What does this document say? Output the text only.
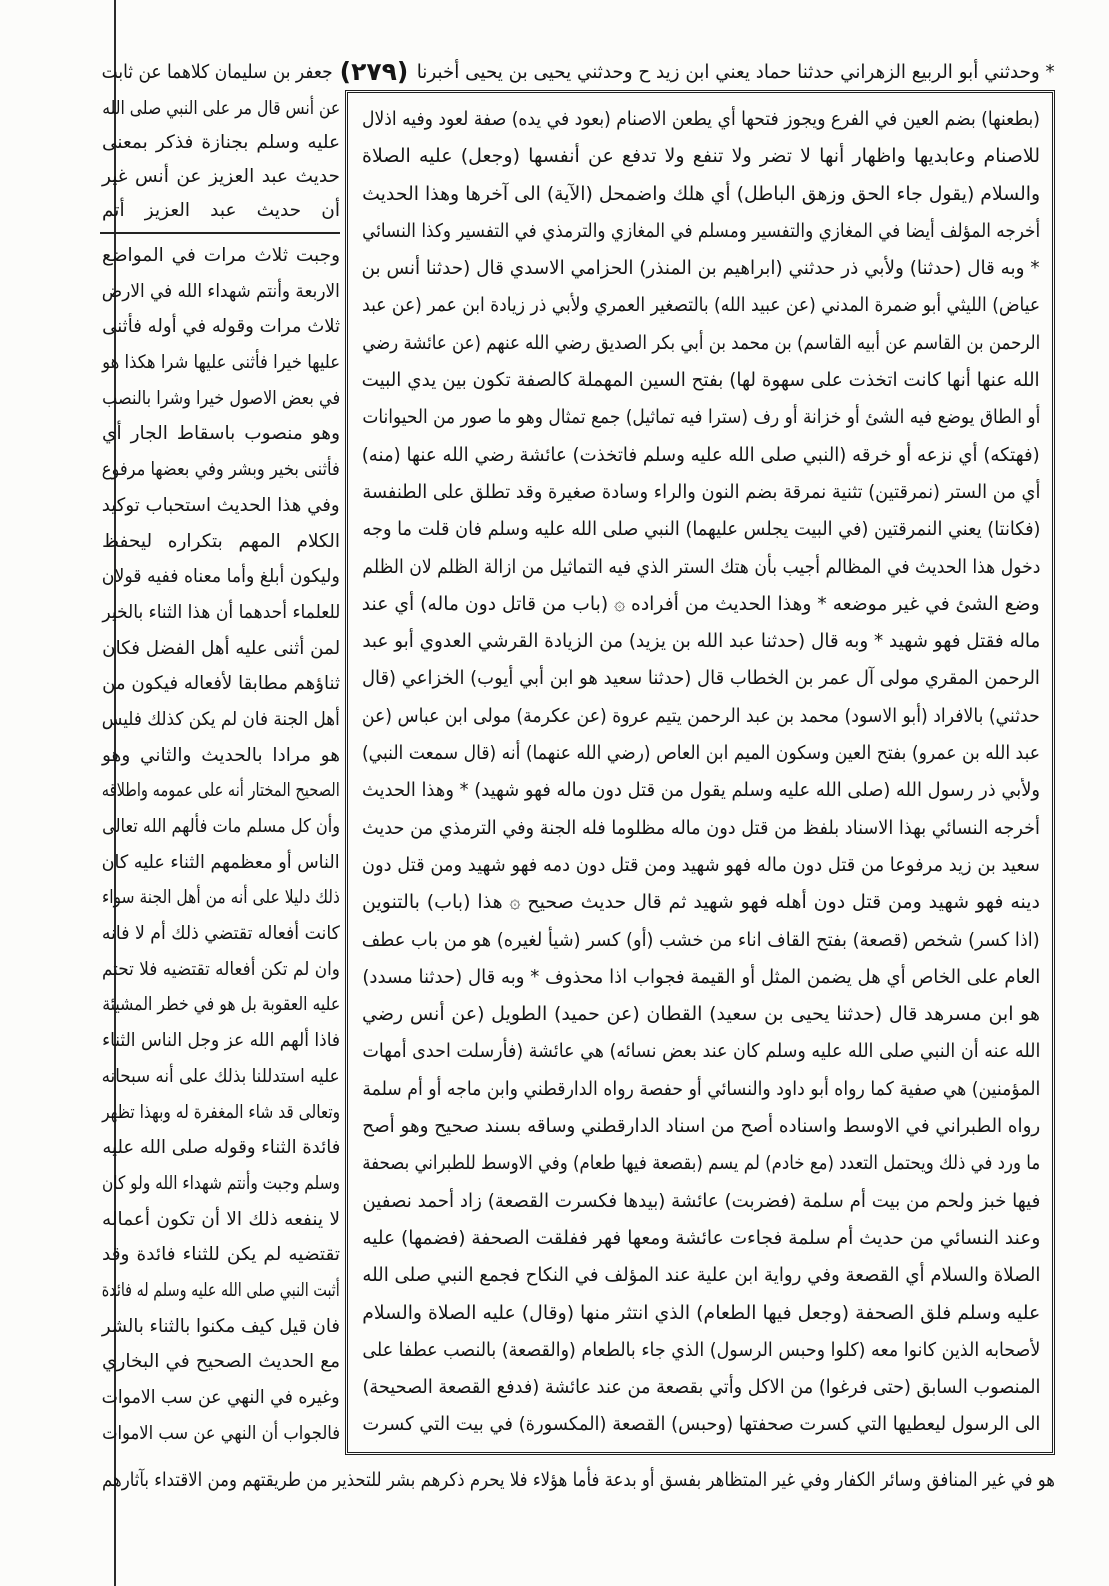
* وحدثني أبو الربيع الزهراني حدثنا حماد يعني ابن زيد ح وحدثني يحيى بن يحيى أخبرنا
(٢٧٩)
جعفر بن سليمان كلاهما عن ثابت
عن أنس قال مر على النبي صلى الله
عليه وسلم بجنازة فذكر بمعنى
حديث عبد العزيز عن أنس غير
أن حديث عبد العزيز أتم
وجبت ثلاث مرات في المواضع
الاربعة وأنتم شهداء الله في الارض
ثلاث مرات وقوله في أوله فأثنى
عليها خيرا فأثنى عليها شرا هكذا هو
في بعض الاصول خيرا وشرا بالنصب
وهو منصوب باسقاط الجار أي
فأثنى بخير وبشر وفي بعضها مرفوع
وفي هذا الحديث استحباب توكيد
الكلام المهم بتكراره ليحفظ
وليكون أبلغ وأما معناه ففيه قولان
للعلماء أحدهما أن هذا الثناء بالخير
لمن أثنى عليه أهل الفضل فكان
ثناؤهم مطابقا لأفعاله فيكون من
أهل الجنة فان لم يكن كذلك فليس
هو مرادا بالحديث والثاني وهو
الصحيح المختار أنه على عمومه واطلاقه
وأن كل مسلم مات فألهم الله تعالى
الناس أو معظمهم الثناء عليه كان
ذلك دليلا على أنه من أهل الجنة سواء
كانت أفعاله تقتضي ذلك أم لا فانه
وان لم تكن أفعاله تقتضيه فلا تحتم
عليه العقوبة بل هو في خطر المشيئة
فاذا ألهم الله عز وجل الناس الثناء
عليه استدللنا بذلك على أنه سبحانه
وتعالى قد شاء المغفرة له وبهذا تظهر
فائدة الثناء وقوله صلى الله عليه
وسلم وجبت وأنتم شهداء الله ولو كان
لا ينفعه ذلك الا أن تكون أعماله
تقتضيه لم يكن للثناء فائدة وقد
أثبت النبي صلى الله عليه وسلم له فائدة
فان قيل كيف مكنوا بالثناء بالشر
مع الحديث الصحيح في البخاري
وغيره في النهي عن سب الاموات
فالجواب أن النهي عن سب الاموات
(بطعنها) بضم العين في الفرع ويجوز فتحها أي يطعن الاصنام (بعود في يده) صفة لعود وفيه اذلال
للاصنام وعابديها واظهار أنها لا تضر ولا تنفع ولا تدفع عن أنفسها (وجعل) عليه الصلاة
والسلام (يقول جاء الحق وزهق الباطل) أي هلك واضمحل (الآية) الى آخرها وهذا الحديث
أخرجه المؤلف أيضا في المغازي والتفسير ومسلم في المغازي والترمذي في التفسير وكذا النسائي
* وبه قال (حدثنا) ولأبي ذر حدثني (ابراهيم بن المنذر) الحزامي الاسدي قال (حدثنا أنس بن
عياض) الليثي أبو ضمرة المدني (عن عبيد الله) بالتصغير العمري ولأبي ذر زيادة ابن عمر (عن عبد
الرحمن بن القاسم عن أبيه القاسم) بن محمد بن أبي بكر الصديق رضي الله عنهم (عن عائشة رضي
الله عنها أنها كانت اتخذت على سهوة لها) بفتح السين المهملة كالصفة تكون بين يدي البيت
أو الطاق يوضع فيه الشئ أو خزانة أو رف (سترا فيه تماثيل) جمع تمثال وهو ما صور من الحيوانات
(فهتكه) أي نزعه أو خرقه (النبي صلى الله عليه وسلم فاتخذت) عائشة رضي الله عنها (منه)
أي من الستر (نمرقتين) تثنية نمرقة بضم النون والراء وسادة صغيرة وقد تطلق على الطنفسة
(فكانتا) يعني النمرقتين (في البيت يجلس عليهما) النبي صلى الله عليه وسلم فان قلت ما وجه
دخول هذا الحديث في المظالم أجيب بأن هتك الستر الذي فيه التماثيل من ازالة الظلم لان الظلم
وضع الشئ في غير موضعه * وهذا الحديث من أفراده ۞ (باب من قاتل دون ماله) أي عند
ماله فقتل فهو شهيد * وبه قال (حدثنا عبد الله بن يزيد) من الزيادة القرشي العدوي أبو عبد
الرحمن المقري مولى آل عمر بن الخطاب قال (حدثنا سعيد هو ابن أبي أيوب) الخزاعي (قال
حدثني) بالافراد (أبو الاسود) محمد بن عبد الرحمن يتيم عروة (عن عكرمة) مولى ابن عباس (عن
عبد الله بن عمرو) بفتح العين وسكون الميم ابن العاص (رضي الله عنهما) أنه (قال سمعت النبي)
ولأبي ذر رسول الله (صلى الله عليه وسلم يقول من قتل دون ماله فهو شهيد) * وهذا الحديث
أخرجه النسائي بهذا الاسناد بلفظ من قتل دون ماله مظلوما فله الجنة وفي الترمذي من حديث
سعيد بن زيد مرفوعا من قتل دون ماله فهو شهيد ومن قتل دون دمه فهو شهيد ومن قتل دون
دينه فهو شهيد ومن قتل دون أهله فهو شهيد ثم قال حديث صحيح ۞ هذا (باب) بالتنوين
(اذا كسر) شخص (قصعة) بفتح القاف اناء من خشب (أو) كسر (شيأ لغيره) هو من باب عطف
العام على الخاص أي هل يضمن المثل أو القيمة فجواب اذا محذوف * وبه قال (حدثنا مسدد)
هو ابن مسرهد قال (حدثنا يحيى بن سعيد) القطان (عن حميد) الطويل (عن أنس رضي
الله عنه أن النبي صلى الله عليه وسلم كان عند بعض نسائه) هي عائشة (فأرسلت احدى أمهات
المؤمنين) هي صفية كما رواه أبو داود والنسائي أو حفصة رواه الدارقطني وابن ماجه أو أم سلمة
رواه الطبراني في الاوسط واسناده أصح من اسناد الدارقطني وساقه بسند صحيح وهو أصح
ما ورد في ذلك ويحتمل التعدد (مع خادم) لم يسم (بقصعة فيها طعام) وفي الاوسط للطبراني بصحفة
فيها خبز ولحم من بيت أم سلمة (فضربت) عائشة (بيدها فكسرت القصعة) زاد أحمد نصفين
وعند النسائي من حديث أم سلمة فجاءت عائشة ومعها فهر ففلقت الصحفة (فضمها) عليه
الصلاة والسلام أي القصعة وفي رواية ابن علية عند المؤلف في النكاح فجمع النبي صلى الله
عليه وسلم فلق الصحفة (وجعل فيها الطعام) الذي انتثر منها (وقال) عليه الصلاة والسلام
لأصحابه الذين كانوا معه (كلوا وحبس الرسول) الذي جاء بالطعام (والقصعة) بالنصب عطفا على
المنصوب السابق (حتى فرغوا) من الاكل وأتي بقصعة من عند عائشة (فدفع القصعة الصحيحة)
الى الرسول ليعطيها التي كسرت صحفتها (وحبس) القصعة (المكسورة) في بيت التي كسرت
هو في غير المنافق وسائر الكفار وفي غير المتظاهر بفسق أو بدعة فأما هؤلاء فلا يحرم ذكرهم بشر للتحذير من طريقتهم ومن الاقتداء بآثارهم
